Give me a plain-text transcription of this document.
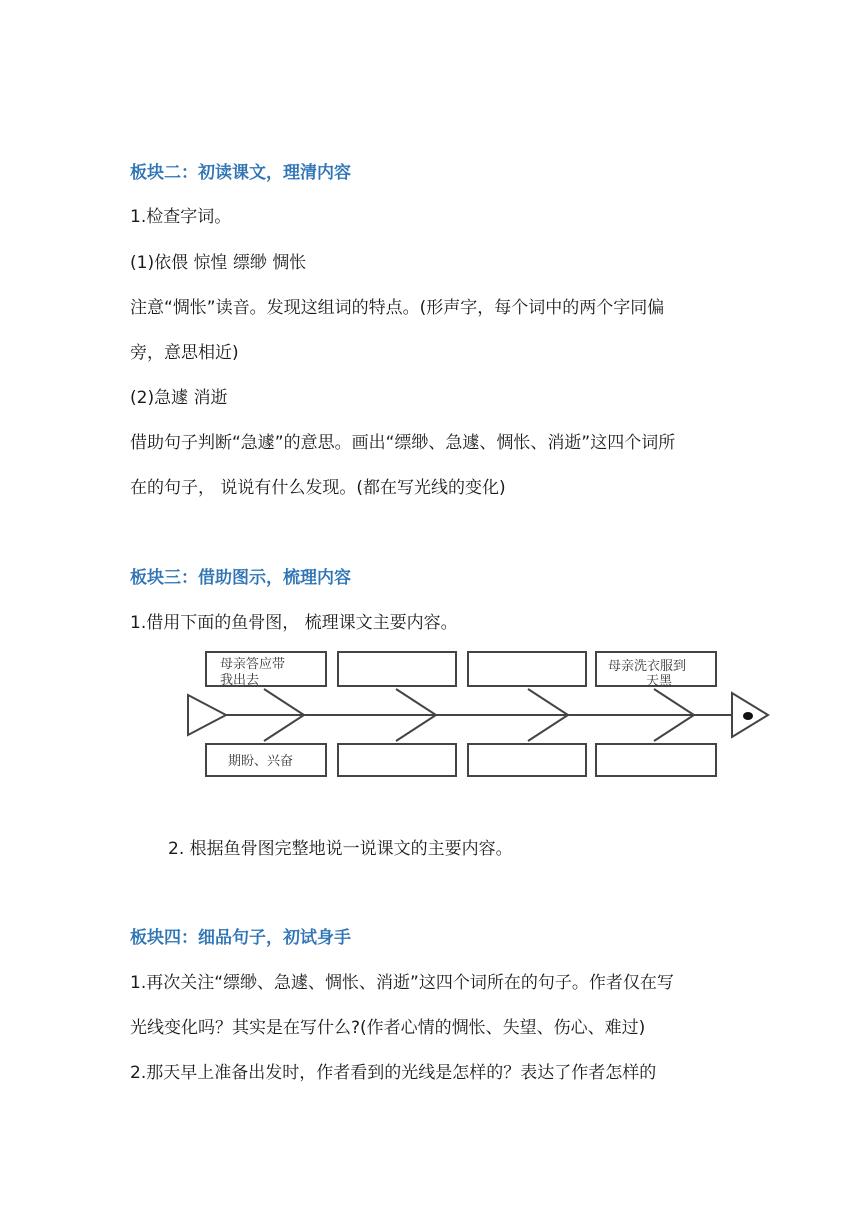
板块二：初读课文，理清内容
1.检查字词。
(1)依偎 惊惶 缥缈 惆怅
注意“惆怅”读音。发现这组词的特点。(形声字，每个词中的两个字同偏
旁，意思相近)
(2)急遽 消逝
借助句子判断“急遽”的意思。画出“缥缈、急遽、惆怅、消逝”这四个词所
在的句子， 说说有什么发现。(都在写光线的变化)
板块三：借助图示，梳理内容
1.借用下面的鱼骨图， 梳理课文主要内容。
母亲答应带
我出去
母亲洗衣服到
天黑
期盼、兴奋
2. 根据鱼骨图完整地说一说课文的主要内容。
板块四：细品句子，初试身手
1.再次关注“缥缈、急遽、惆怅、消逝”这四个词所在的句子。作者仅在写
光线变化吗？其实是在写什么?(作者心情的惆怅、失望、伤心、难过)
2.那天早上准备出发时，作者看到的光线是怎样的？表达了作者怎样的
